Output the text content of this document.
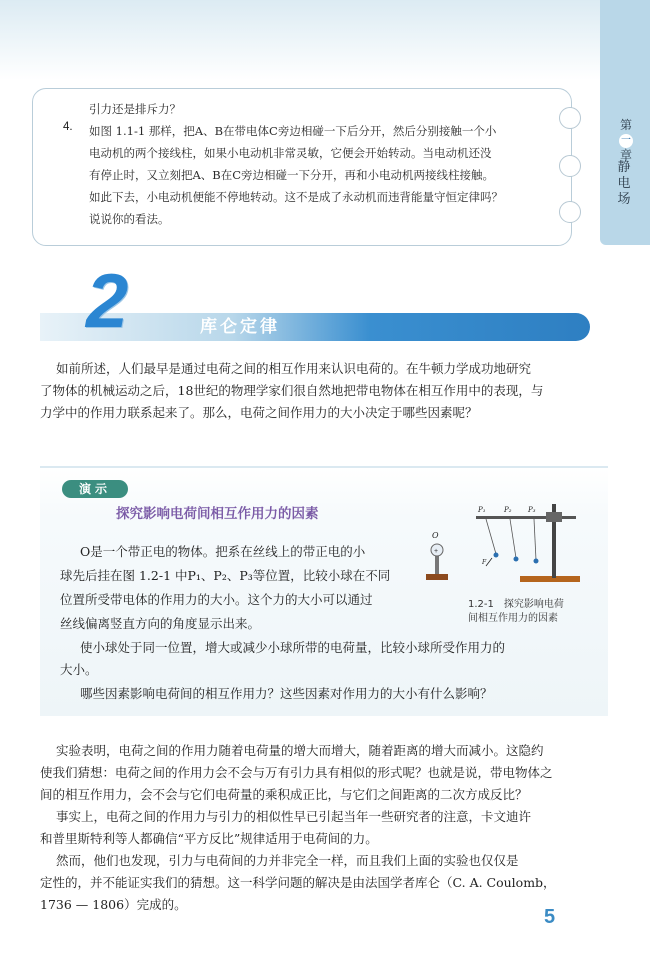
第
一
章
静电场
引力还是排斥力？
4. 如图 1.1-1 那样，把A、B在带电体C旁边相碰一下后分开，然后分别接触一个小
电动机的两个接线柱，如果小电动机非常灵敏，它便会开始转动。当电动机还没
有停止时，又立刻把A、B在C旁边相碰一下分开，再和小电动机两接线柱接触。
如此下去，小电动机便能不停地转动。这不是成了永动机而违背能量守恒定律吗？
说说你的看法。
2	库仑定律
如前所述，人们最早是通过电荷之间的相互作用来认识电荷的。在牛顿力学成功地研究
了物体的机械运动之后，18世纪的物理学家们很自然地把带电物体在相互作用中的表现，与
力学中的作用力联系起来了。那么，电荷之间作用力的大小决定于哪些因素呢？
演示
探究影响电荷间相互作用力的因素
O是一个带正电的物体。把系在丝线上的带正电的小
球先后挂在图 1.2-1 中P₁、P₂、P₃等位置，比较小球在不同
位置所受带电体的作用力的大小。这个力的大小可以通过
丝线偏离竖直方向的角度显示出来。
使小球处于同一位置，增大或减少小球所带的电荷量，比较小球所受作用力的
大小。
哪些因素影响电荷间的相互作用力？这些因素对作用力的大小有什么影响？
+
O
P₁	P₂ P₃
F
1.2-1　探究影响电荷
间相互作用力的因素
实验表明，电荷之间的作用力随着电荷量的增大而增大，随着距离的增大而减小。这隐约
使我们猜想：电荷之间的作用力会不会与万有引力具有相似的形式呢？也就是说，带电物体之
间的相互作用力，会不会与它们电荷量的乘积成正比，与它们之间距离的二次方成反比？
事实上，电荷之间的作用力与引力的相似性早已引起当年一些研究者的注意，卡文迪许
和普里斯特利等人都确信“平方反比”规律适用于电荷间的力。
然而，他们也发现，引力与电荷间的力并非完全一样，而且我们上面的实验也仅仅是
定性的，并不能证实我们的猜想。这一科学问题的解决是由法国学者库仑（C. A. Coulomb，
1736 — 1806）完成的。
5
